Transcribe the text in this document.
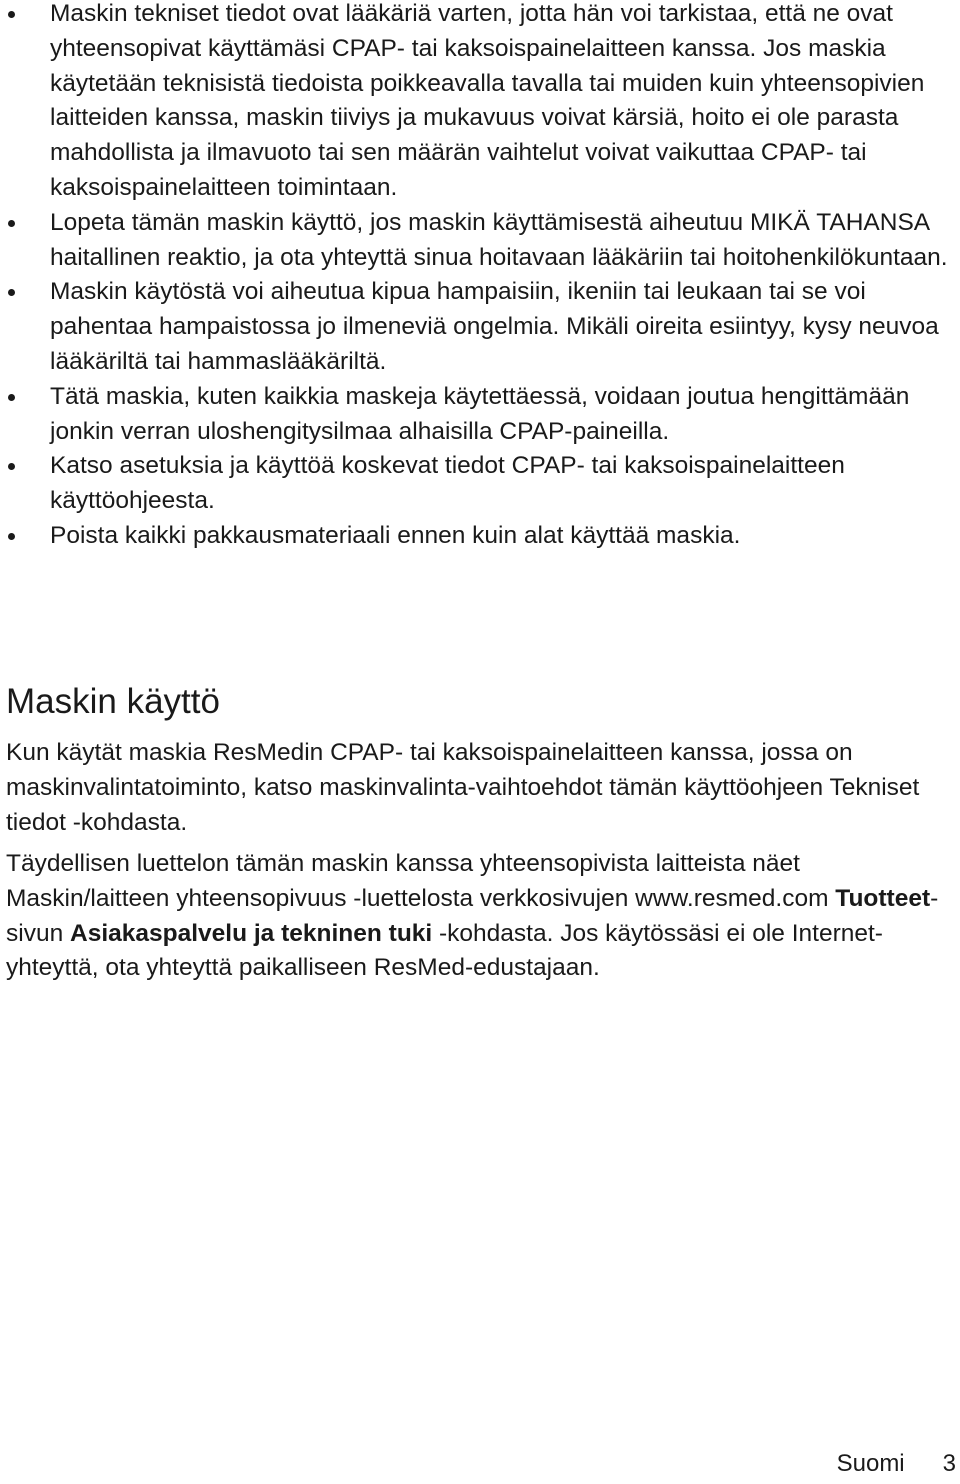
Maskin tekniset tiedot ovat lääkäriä varten, jotta hän voi tarkistaa, että ne ovat yhteensopivat käyttämäsi CPAP- tai kaksoispainelaitteen kanssa. Jos maskia käytetään teknisistä tiedoista poikkeavalla tavalla tai muiden kuin yhteensopivien laitteiden kanssa, maskin tiiviys ja mukavuus voivat kärsiä, hoito ei ole parasta mahdollista ja ilmavuoto tai sen määrän vaihtelut voivat vaikuttaa CPAP- tai kaksoispainelaitteen toimintaan.
Lopeta tämän maskin käyttö, jos maskin käyttämisestä aiheutuu MIKÄ TAHANSA haitallinen reaktio, ja ota yhteyttä sinua hoitavaan lääkäriin tai hoitohenkilökuntaan.
Maskin käytöstä voi aiheutua kipua hampaisiin, ikeniin tai leukaan tai se voi pahentaa hampaistossa jo ilmeneviä ongelmia. Mikäli oireita esiintyy, kysy neuvoa lääkäriltä tai hammaslääkäriltä.
Tätä maskia, kuten kaikkia maskeja käytettäessä, voidaan joutua hengittämään jonkin verran uloshengitysilmaa alhaisilla CPAP-paineilla.
Katso asetuksia ja käyttöä koskevat tiedot CPAP- tai kaksoispainelaitteen käyttöohjeesta.
Poista kaikki pakkausmateriaali ennen kuin alat käyttää maskia.
Maskin käyttö

Kun käytät maskia ResMedin CPAP- tai kaksoispainelaitteen kanssa, jossa on maskinvalintatoiminto, katso maskinvalinta-vaihtoehdot tämän käyttöohjeen Tekniset tiedot -kohdasta.

Täydellisen luettelon tämän maskin kanssa yhteensopivista laitteista näet Maskin/laitteen yhteensopivuus -luettelosta verkkosivujen www.resmed.com Tuotteet-sivun Asiakaspalvelu ja tekninen tuki -kohdasta. Jos käytössäsi ei ole Internet-yhteyttä, ota yhteyttä paikalliseen ResMed-edustajaan.

Suomi 3
